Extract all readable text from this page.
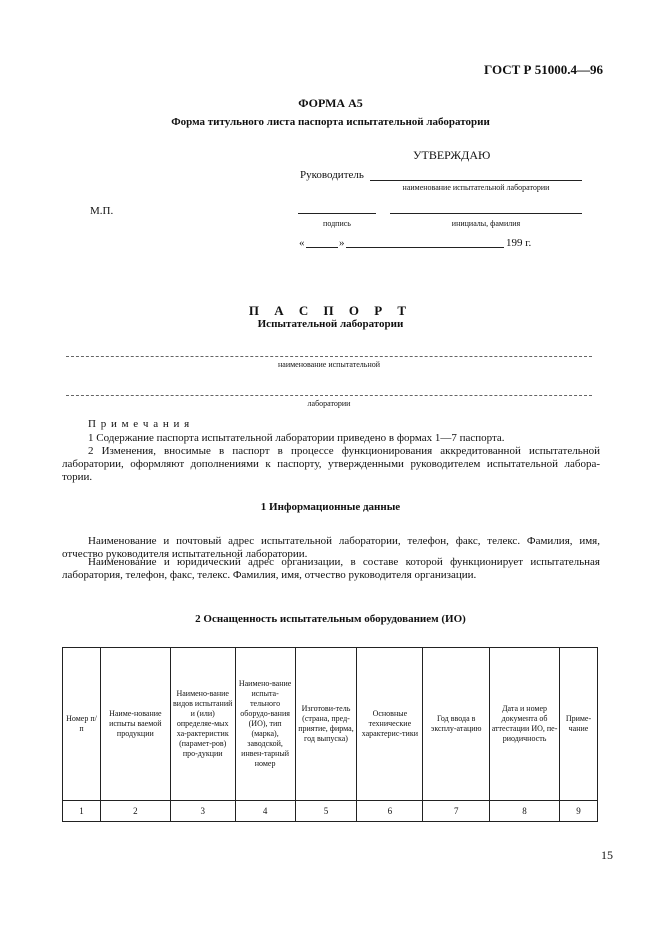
ГОСТ Р 51000.4—96
ФОРМА А5
Форма титульного листа паспорта испытательной лаборатории
УТВЕРЖДАЮ
Руководитель
наименование испытательной лаборатории
М.П.
подпись	инициалы, фамилия
«	»	199 г.
П А С П О Р Т
Испытательной лаборатории
наименование испытательной
лаборатории
П р и м е ч а н и я
1 Содержание паспорта испытательной лаборатории приведено в формах 1—7 паспорта.
2 Изменения, вносимые в паспорт в процессе функционирования аккредитованной испытательной лаборатории, оформляют дополнениями к паспорту, утвержденными руководителем испытательной лабора-тории.
1 Информационные данные
Наименование и почтовый адрес испытательной лаборатории, телефон, факс, телекс. Фамилия, имя, отчество руководителя испытательной лаборатории.
Наименование и юридический адрес организации, в составе которой функционирует испытательная лаборатория, телефон, факс, телекс. Фамилия, имя, отчество руководителя организации.
2 Оснащенность испытательным оборудованием (ИО)
Номер п/п	Наиме-нование испыты ваемой продукции	Наимено-вание видов испытаний и (или) определяе-мых ха-рактеристик (парамет-ров) про-дукции	Наимено-вание испыта-тельного оборудо-вания (ИО), тип (марка), заводской, инвен-тарный номер	Изготови-тель (страна, пред-приятие, фирма, год выпуска)	Основные технические характерис-тики	Год ввода в эксплу-атацию	Дата и номер документа об аттестации ИО, пе-риодичность	Приме-чание
1	2	3	4	5	6	7	8	9
15
